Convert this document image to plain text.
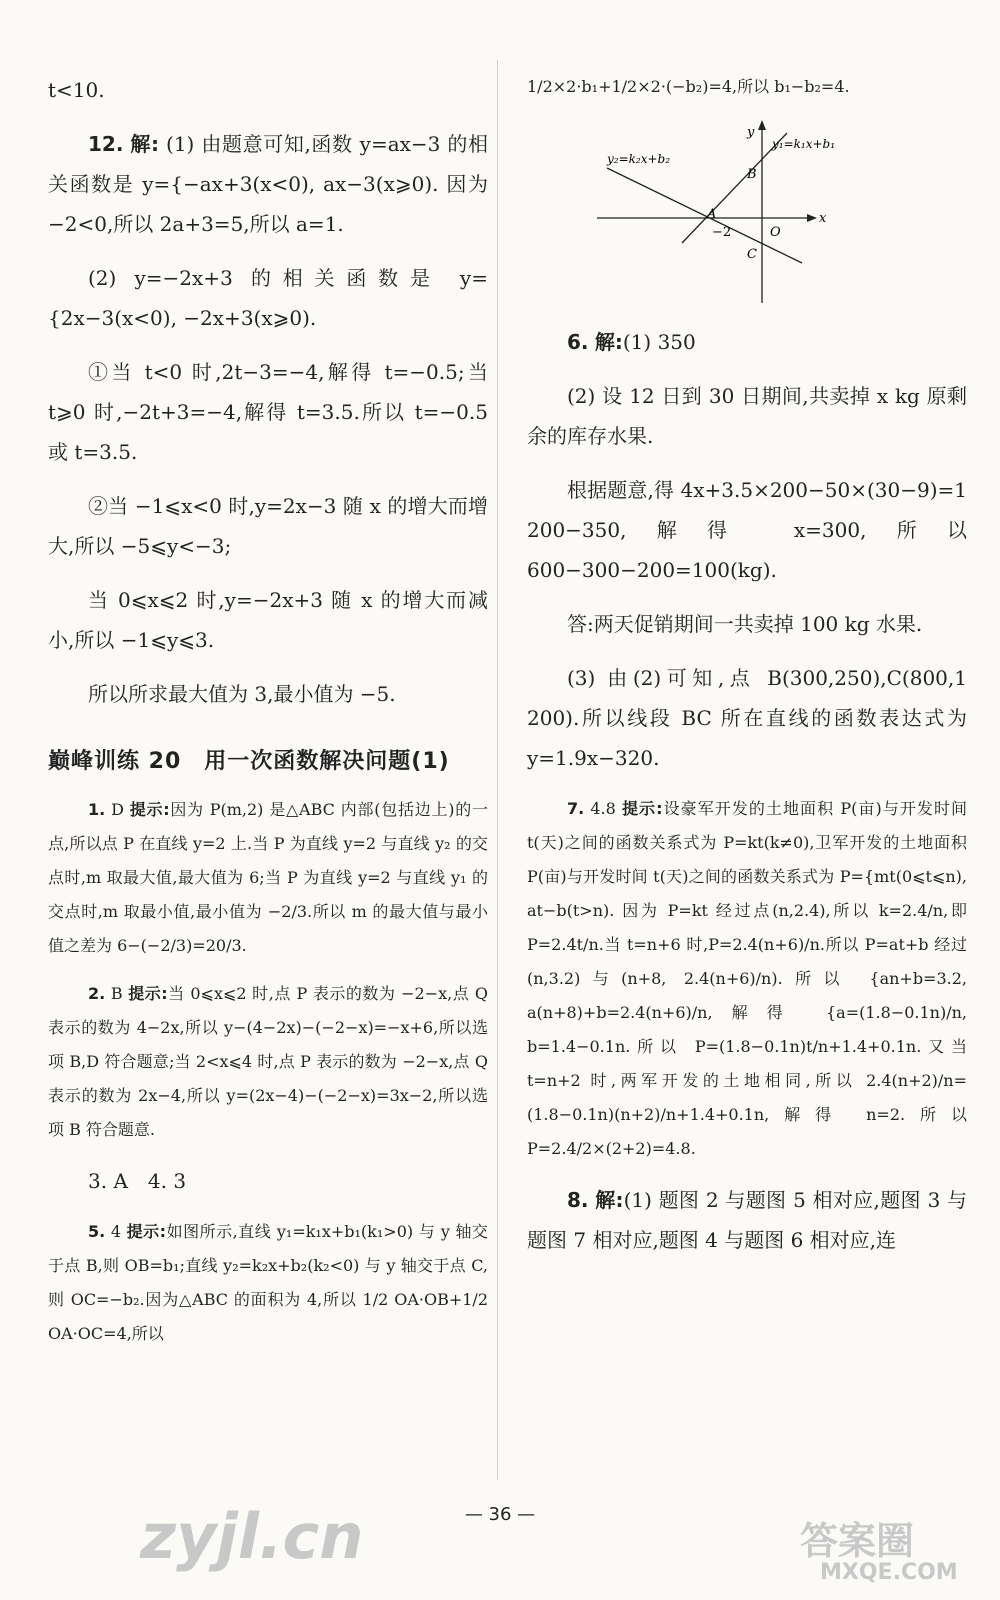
t<10.

12. 解: (1) 由题意可知,函数 y=ax−3 的相关函数是 y={−ax+3(x<0), ax−3(x⩾0). 因为 −2<0,所以 2a+3=5,所以 a=1.

(2) y=−2x+3 的相关函数是 y={2x−3(x<0), −2x+3(x⩾0).

①当 t<0 时,2t−3=−4,解得 t=−0.5;当 t⩾0 时,−2t+3=−4,解得 t=3.5.所以 t=−0.5 或 t=3.5.

②当 −1⩽x<0 时,y=2x−3 随 x 的增大而增大,所以 −5⩽y<−3;

当 0⩽x⩽2 时,y=−2x+3 随 x 的增大而减小,所以 −1⩽y⩽3.

所以所求最大值为 3,最小值为 −5.

巅峰训练 20　用一次函数解决问题(1)

1. D 提示:因为 P(m,2) 是△ABC 内部(包括边上)的一点,所以点 P 在直线 y=2 上.当 P 为直线 y=2 与直线 y₂ 的交点时,m 取最大值,最大值为 6;当 P 为直线 y=2 与直线 y₁ 的交点时,m 取最小值,最小值为 −2/3.所以 m 的最大值与最小值之差为 6−(−2/3)=20/3.

2. B 提示:当 0⩽x⩽2 时,点 P 表示的数为 −2−x,点 Q 表示的数为 4−2x,所以 y−(4−2x)−(−2−x)=−x+6,所以选项 B,D 符合题意;当 2<x⩽4 时,点 P 表示的数为 −2−x,点 Q 表示的数为 2x−4,所以 y=(2x−4)−(−2−x)=3x−2,所以选项 B 符合题意.

3. A　4. 3

5. 4 提示:如图所示,直线 y₁=k₁x+b₁(k₁>0) 与 y 轴交于点 B,则 OB=b₁;直线 y₂=k₂x+b₂(k₂<0) 与 y 轴交于点 C,则 OC=−b₂.因为△ABC 的面积为 4,所以 1/2 OA·OB+1/2 OA·OC=4,所以

1/2×2·b₁+1/2×2·(−b₂)=4,所以 b₁−b₂=4.

y
x
O
y₁=k₁x+b₁
y₂=k₂x+b₂
A
B
C
−2

6. 解:(1) 350

(2) 设 12 日到 30 日期间,共卖掉 x kg 原剩余的库存水果.

根据题意,得 4x+3.5×200−50×(30−9)=1 200−350,解得 x=300,所以 600−300−200=100(kg).

答:两天促销期间一共卖掉 100 kg 水果.

(3) 由(2)可知,点 B(300,250),C(800,1 200).所以线段 BC 所在直线的函数表达式为 y=1.9x−320.

7. 4.8 提示:设豪军开发的土地面积 P(亩)与开发时间 t(天)之间的函数关系式为 P=kt(k≠0),卫军开发的土地面积 P(亩)与开发时间 t(天)之间的函数关系式为 P={mt(0⩽t⩽n), at−b(t>n). 因为 P=kt 经过点(n,2.4),所以 k=2.4/n,即 P=2.4t/n.当 t=n+6 时,P=2.4(n+6)/n.所以 P=at+b 经过(n,3.2)与(n+8, 2.4(n+6)/n).所以 {an+b=3.2, a(n+8)+b=2.4(n+6)/n,解得 {a=(1.8−0.1n)/n, b=1.4−0.1n.所以 P=(1.8−0.1n)t/n+1.4+0.1n.又当 t=n+2 时,两军开发的土地相同,所以 2.4(n+2)/n=(1.8−0.1n)(n+2)/n+1.4+0.1n,解得 n=2.所以 P=2.4/2×(2+2)=4.8.

8. 解:(1) 题图 2 与题图 5 相对应,题图 3 与题图 7 相对应,题图 4 与题图 6 相对应,连

— 36 —
zyjl.cn	答案圈
MXQE.COM
